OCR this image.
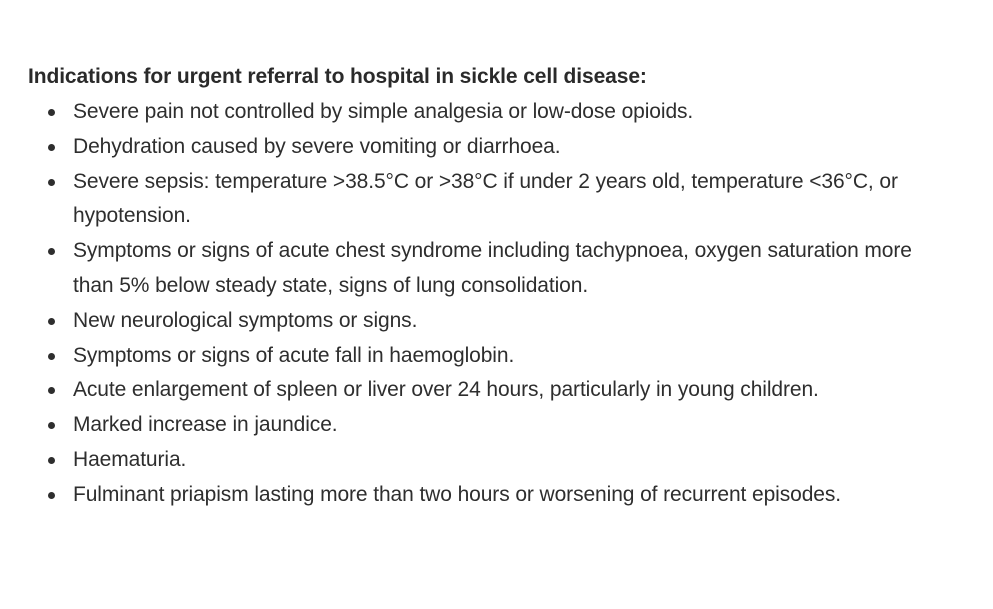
Indications for urgent referral to hospital in sickle cell disease:
Severe pain not controlled by simple analgesia or low-dose opioids.
Dehydration caused by severe vomiting or diarrhoea.
Severe sepsis: temperature >38.5°C or >38°C if under 2 years old, temperature <36°C, or hypotension.
Symptoms or signs of acute chest syndrome including tachypnoea, oxygen saturation more than 5% below steady state, signs of lung consolidation.
New neurological symptoms or signs.
Symptoms or signs of acute fall in haemoglobin.
Acute enlargement of spleen or liver over 24 hours, particularly in young children.
Marked increase in jaundice.
Haematuria.
Fulminant priapism lasting more than two hours or worsening of recurrent episodes.
